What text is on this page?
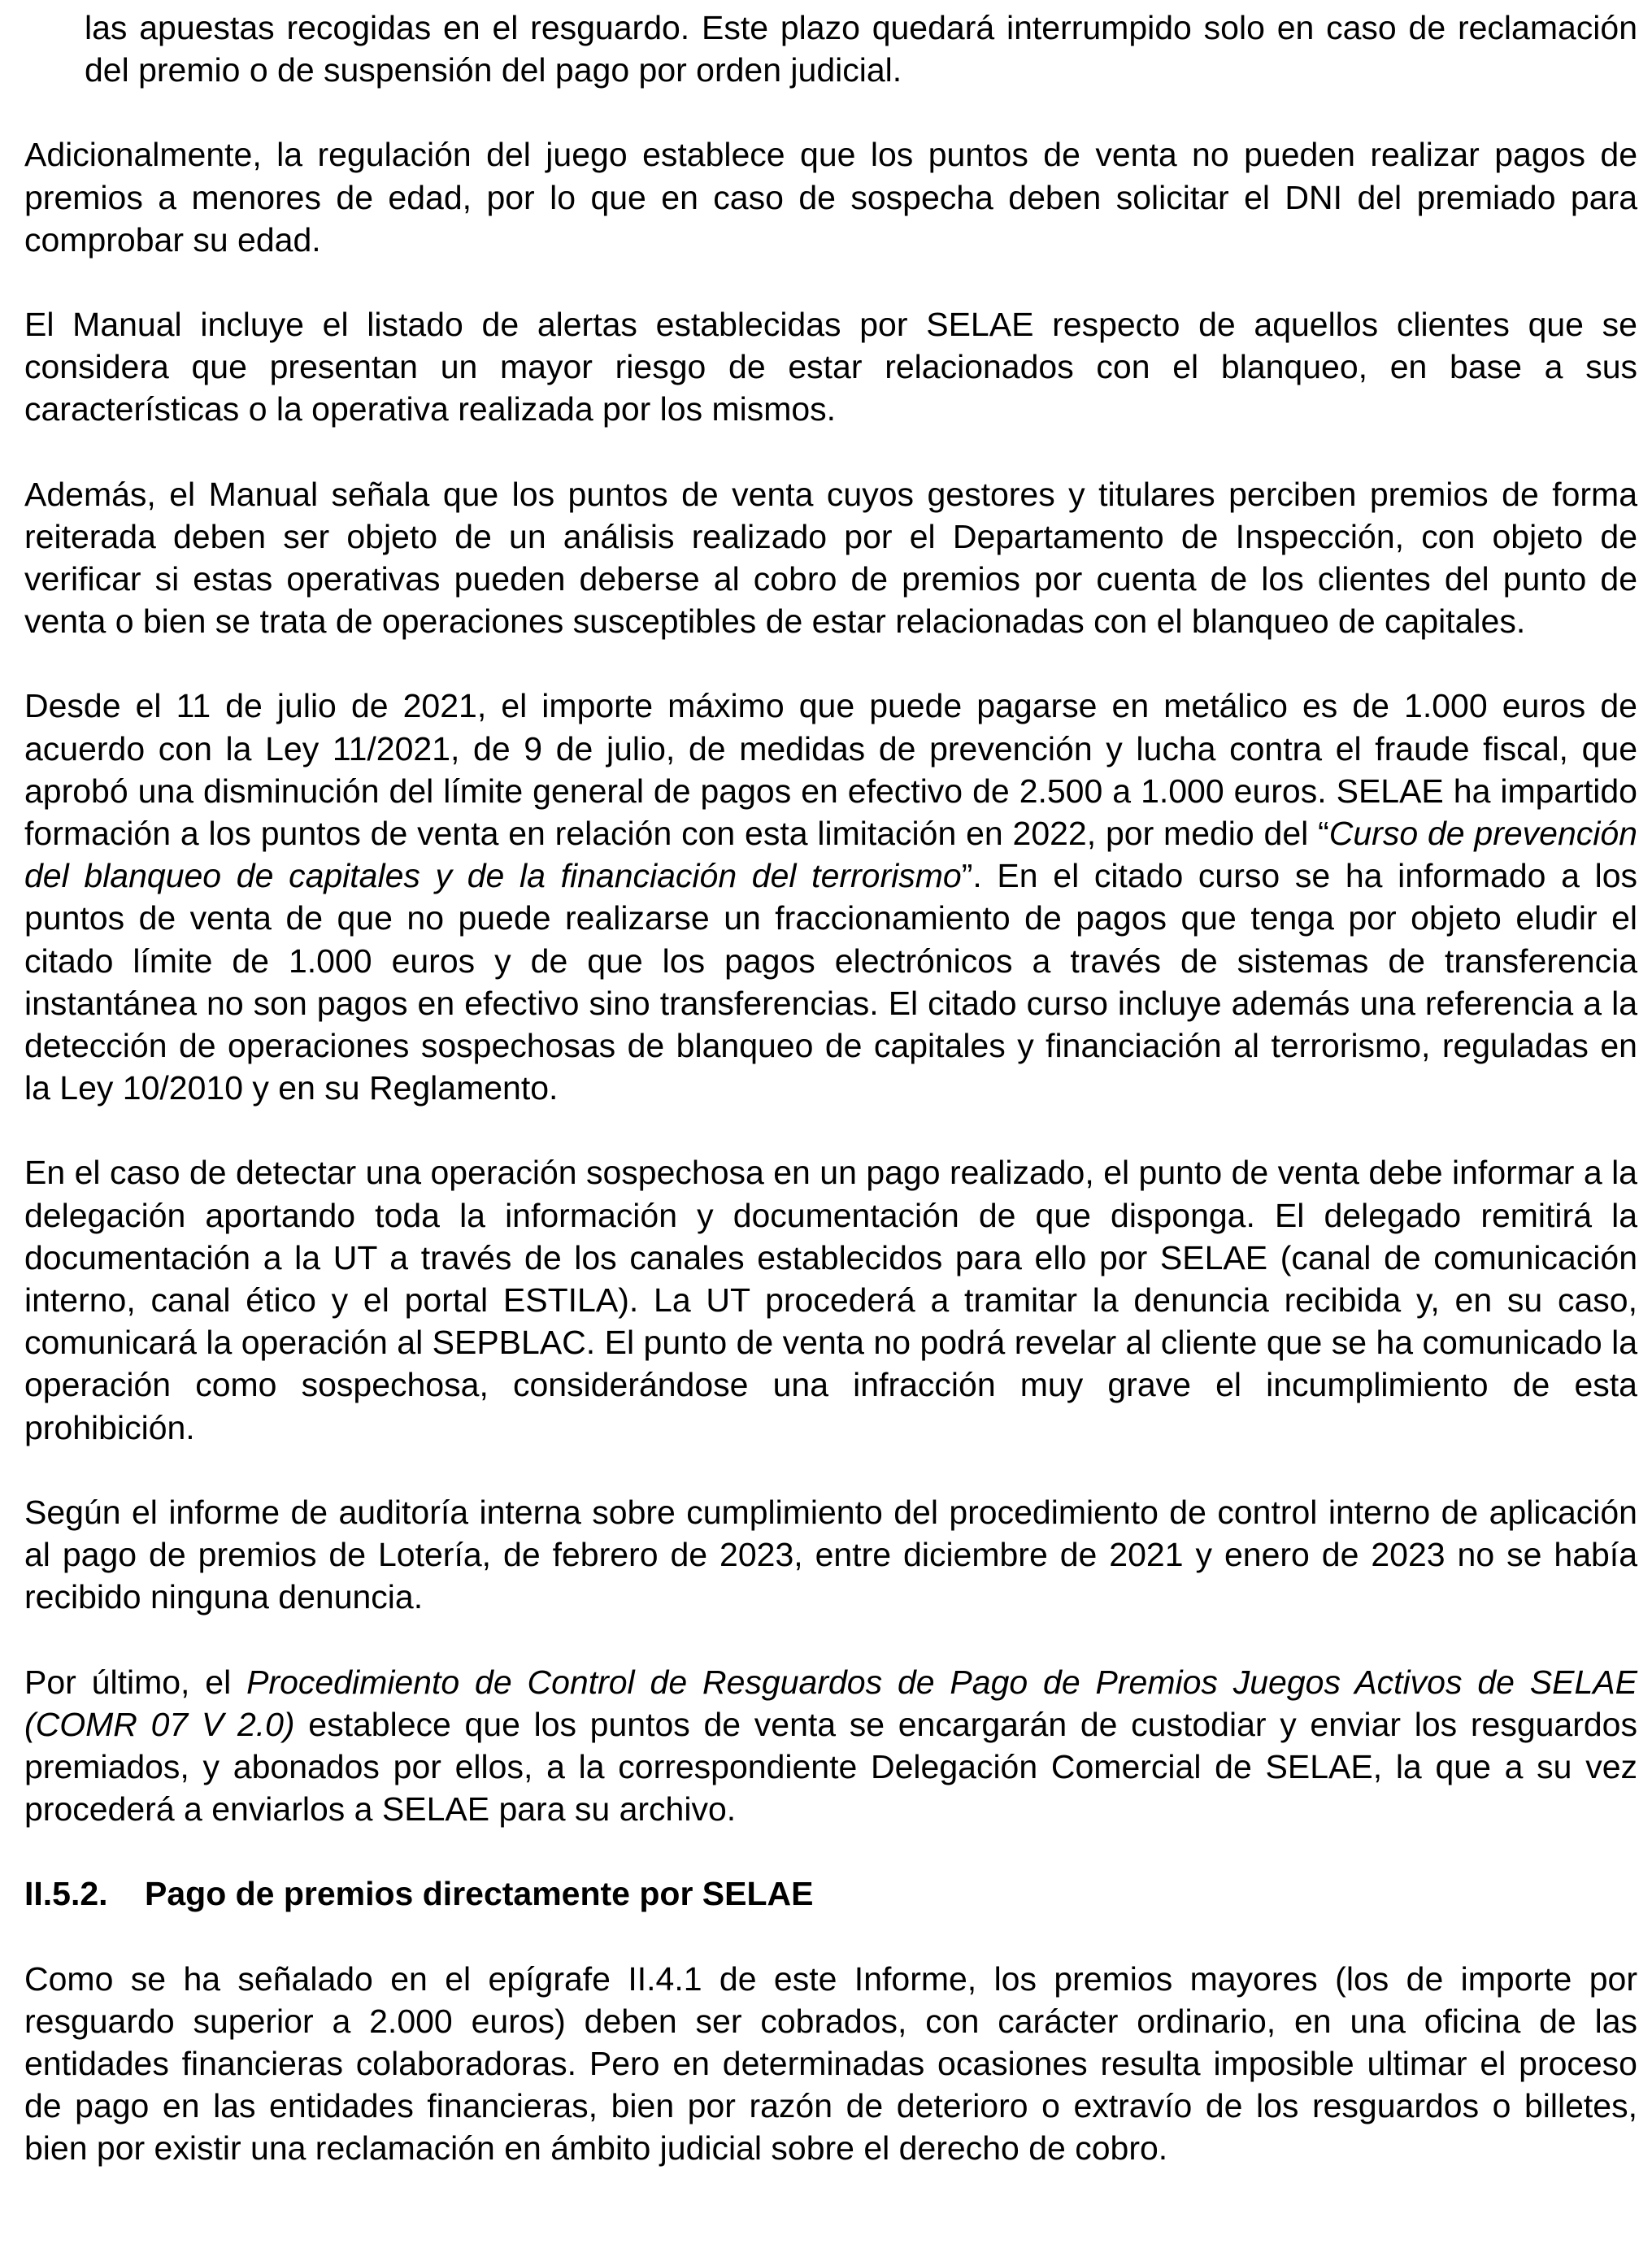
las apuestas recogidas en el resguardo. Este plazo quedará interrumpido solo en caso de reclamación del premio o de suspensión del pago por orden judicial.

Adicionalmente, la regulación del juego establece que los puntos de venta no pueden realizar pagos de premios a menores de edad, por lo que en caso de sospecha deben solicitar el DNI del premiado para comprobar su edad.

El Manual incluye el listado de alertas establecidas por SELAE respecto de aquellos clientes que se considera que presentan un mayor riesgo de estar relacionados con el blanqueo, en base a sus características o la operativa realizada por los mismos.

Además, el Manual señala que los puntos de venta cuyos gestores y titulares perciben premios de forma reiterada deben ser objeto de un análisis realizado por el Departamento de Inspección, con objeto de verificar si estas operativas pueden deberse al cobro de premios por cuenta de los clientes del punto de venta o bien se trata de operaciones susceptibles de estar relacionadas con el blanqueo de capitales.

Desde el 11 de julio de 2021, el importe máximo que puede pagarse en metálico es de 1.000 euros de acuerdo con la Ley 11/2021, de 9 de julio, de medidas de prevención y lucha contra el fraude fiscal, que aprobó una disminución del límite general de pagos en efectivo de 2.500 a 1.000 euros. SELAE ha impartido formación a los puntos de venta en relación con esta limitación en 2022, por medio del “Curso de prevención del blanqueo de capitales y de la financiación del terrorismo”. En el citado curso se ha informado a los puntos de venta de que no puede realizarse un fraccionamiento de pagos que tenga por objeto eludir el citado límite de 1.000 euros y de que los pagos electrónicos a través de sistemas de transferencia instantánea no son pagos en efectivo sino transferencias. El citado curso incluye además una referencia a la detección de operaciones sospechosas de blanqueo de capitales y financiación al terrorismo, reguladas en la Ley 10/2010 y en su Reglamento.

En el caso de detectar una operación sospechosa en un pago realizado, el punto de venta debe informar a la delegación aportando toda la información y documentación de que disponga. El delegado remitirá la documentación a la UT a través de los canales establecidos para ello por SELAE (canal de comunicación interno, canal ético y el portal ESTILA). La UT procederá a tramitar la denuncia recibida y, en su caso, comunicará la operación al SEPBLAC. El punto de venta no podrá revelar al cliente que se ha comunicado la operación como sospechosa, considerándose una infracción muy grave el incumplimiento de esta prohibición.

Según el informe de auditoría interna sobre cumplimiento del procedimiento de control interno de aplicación al pago de premios de Lotería, de febrero de 2023, entre diciembre de 2021 y enero de 2023 no se había recibido ninguna denuncia.

Por último, el Procedimiento de Control de Resguardos de Pago de Premios Juegos Activos de SELAE (COMR 07 V 2.0) establece que los puntos de venta se encargarán de custodiar y enviar los resguardos premiados, y abonados por ellos, a la correspondiente Delegación Comercial de SELAE, la que a su vez procederá a enviarlos a SELAE para su archivo.

II.5.2. Pago de premios directamente por SELAE

Como se ha señalado en el epígrafe II.4.1 de este Informe, los premios mayores (los de importe por resguardo superior a 2.000 euros) deben ser cobrados, con carácter ordinario, en una oficina de las entidades financieras colaboradoras. Pero en determinadas ocasiones resulta imposible ultimar el proceso de pago en las entidades financieras, bien por razón de deterioro o extravío de los resguardos o billetes, bien por existir una reclamación en ámbito judicial sobre el derecho de cobro.
